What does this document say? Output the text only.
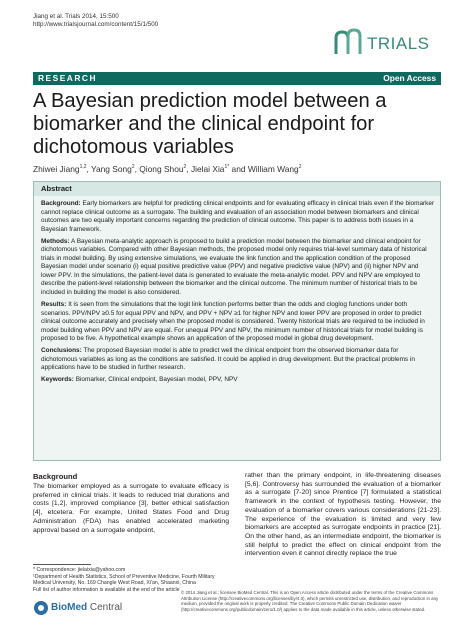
Jiang et al. Trials 2014, 15:500
http://www.trialsjournal.com/content/15/1/500
TRIALS
RESEARCH	Open Access
A Bayesian prediction model between a biomarker and the clinical endpoint for dichotomous variables
Zhiwei Jiang$^{1,2}$, Yang Song$^2$, Qiong Shou$^2$, Jielai Xia$^{1*}$ and William Wang$^2$
Abstract

Background: Early biomarkers are helpful for predicting clinical endpoints and for evaluating efficacy in clinical trials even if the biomarker cannot replace clinical outcome as a surrogate. The building and evaluation of an association model between biomarkers and clinical outcomes are two equally important concerns regarding the prediction of clinical outcome. This paper is to address both issues in a Bayesian framework.

Methods: A Bayesian meta-analytic approach is proposed to build a prediction model between the biomarker and clinical endpoint for dichotomous variables. Compared with other Bayesian methods, the proposed model only requires trial-level summary data of historical trials in model building. By using extensive simulations, we evaluate the link function and the application condition of the proposed Bayesian model under scenario (i) equal positive predictive value (PPV) and negative predictive value (NPV) and (ii) higher NPV and lower PPV. In the simulations, the patient-level data is generated to evaluate the meta-analytic model. PPV and NPV are employed to describe the patient-level relationship between the biomarker and the clinical outcome. The minimum number of historical trials to be included in building the model is also considered.

Results: It is seen from the simulations that the logit link function performs better than the odds and cloglog functions under both scenarios. PPV/NPV ≥0.5 for equal PPV and NPV, and PPV + NPV ≥1 for higher NPV and lower PPV are proposed in order to predict clinical outcome accurately and precisely when the proposed model is considered. Twenty historical trials are required to be included in model building when PPV and NPV are equal. For unequal PPV and NPV, the minimum number of historical trials for model building is proposed to be five. A hypothetical example shows an application of the proposed model in global drug development.

Conclusions: The proposed Bayesian model is able to predict well the clinical endpoint from the observed biomarker data for dichotomous variables as long as the conditions are satisfied. It could be applied in drug development. But the practical problems in applications have to be studied in further research.

Keywords: Biomarker, Clinical endpoint, Bayesian model, PPV, NPV

Background

The biomarker employed as a surrogate to evaluate efficacy is preferred in clinical trials. It leads to reduced trial durations and costs [1,2], improved compliance [3], better ethical satisfaction [4], etcetera. For example, United States Food and Drug Administration (FDA) has enabled accelerated marketing approval based on a surrogate endpoint,

rather than the primary endpoint, in life-threatening diseases [5,6]. Controversy has surrounded the evaluation of a biomarker as a surrogate [7-20] since Prentice [7] formulated a statistical framework in the context of hypothesis testing. However, the evaluation of a biomarker covers various considerations [21-23]. The experience of the evaluation is limited and very few biomarkers are accepted as surrogate endpoints in practice [21]. On the other hand, as an intermediate endpoint, the biomarker is still helpful to predict the effect on clinical endpoint from the intervention even it cannot directly replace the true

* Correspondence: jielaixia@yahoo.com

¹Department of Health Statistics, School of Preventive Medicine, Fourth Military Medical University, No. 169 Changle West Road, Xi'an, Shaanxi, China

Full list of author information is available at the end of the article

BioMed Central
© 2014 Jiang et al.; licensee BioMed Central. This is an Open Access article distributed under the terms of the Creative Commons Attribution License (http://creativecommons.org/licenses/by/4.0), which permits unrestricted use, distribution, and reproduction in any medium, provided the original work is properly credited. The Creative Commons Public Domain Dedication waiver (http://creativecommons.org/publicdomain/zero/1.0/) applies to the data made available in this article, unless otherwise stated.
